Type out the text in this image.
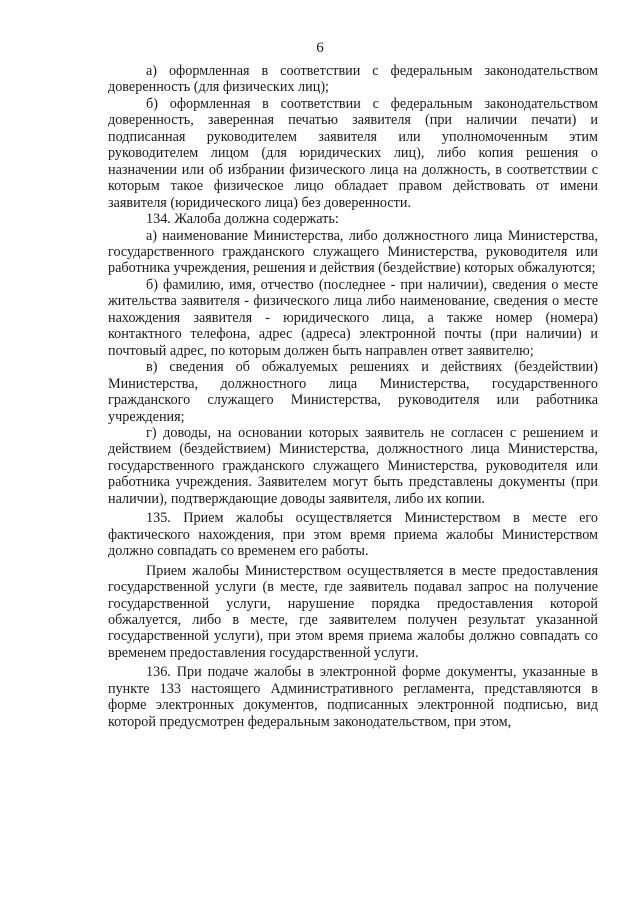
6

а) оформленная в соответствии с федеральным законодательством доверенность (для физических лиц);

б) оформленная в соответствии с федеральным законодательством доверенность, заверенная печатью заявителя (при наличии печати) и подписанная руководителем заявителя или уполномоченным этим руководителем лицом (для юридических лиц), либо копия решения о назначении или об избрании физического лица на должность, в соответствии с которым такое физическое лицо обладает правом действовать от имени заявителя (юридического лица) без доверенности.

134. Жалоба должна содержать:

а) наименование Министерства, либо должностного лица Министерства, государственного гражданского служащего Министерства, руководителя или работника учреждения, решения и действия (бездействие) которых обжалуются;

б) фамилию, имя, отчество (последнее - при наличии), сведения о месте жительства заявителя - физического лица либо наименование, сведения о месте нахождения заявителя - юридического лица, а также номер (номера) контактного телефона, адрес (адреса) электронной почты (при наличии) и почтовый адрес, по которым должен быть направлен ответ заявителю;

в) сведения об обжалуемых решениях и действиях (бездействии) Министерства, должностного лица Министерства, государственного гражданского служащего Министерства, руководителя или работника учреждения;

г) доводы, на основании которых заявитель не согласен с решением и действием (бездействием) Министерства, должностного лица Министерства, государственного гражданского служащего Министерства, руководителя или работника учреждения. Заявителем могут быть представлены документы (при наличии), подтверждающие доводы заявителя, либо их копии.

135. Прием жалобы осуществляется Министерством в месте его фактического нахождения, при этом время приема жалобы Министерством должно совпадать со временем его работы.

Прием жалобы Министерством осуществляется в месте предоставления государственной услуги (в месте, где заявитель подавал запрос на получение государственной услуги, нарушение порядка предоставления которой обжалуется, либо в месте, где заявителем получен результат указанной государственной услуги), при этом время приема жалобы должно совпадать со временем предоставления государственной услуги.

136. При подаче жалобы в электронной форме документы, указанные в пункте 133 настоящего Административного регламента, представляются в форме электронных документов, подписанных электронной подписью, вид которой предусмотрен федеральным законодательством, при этом,
